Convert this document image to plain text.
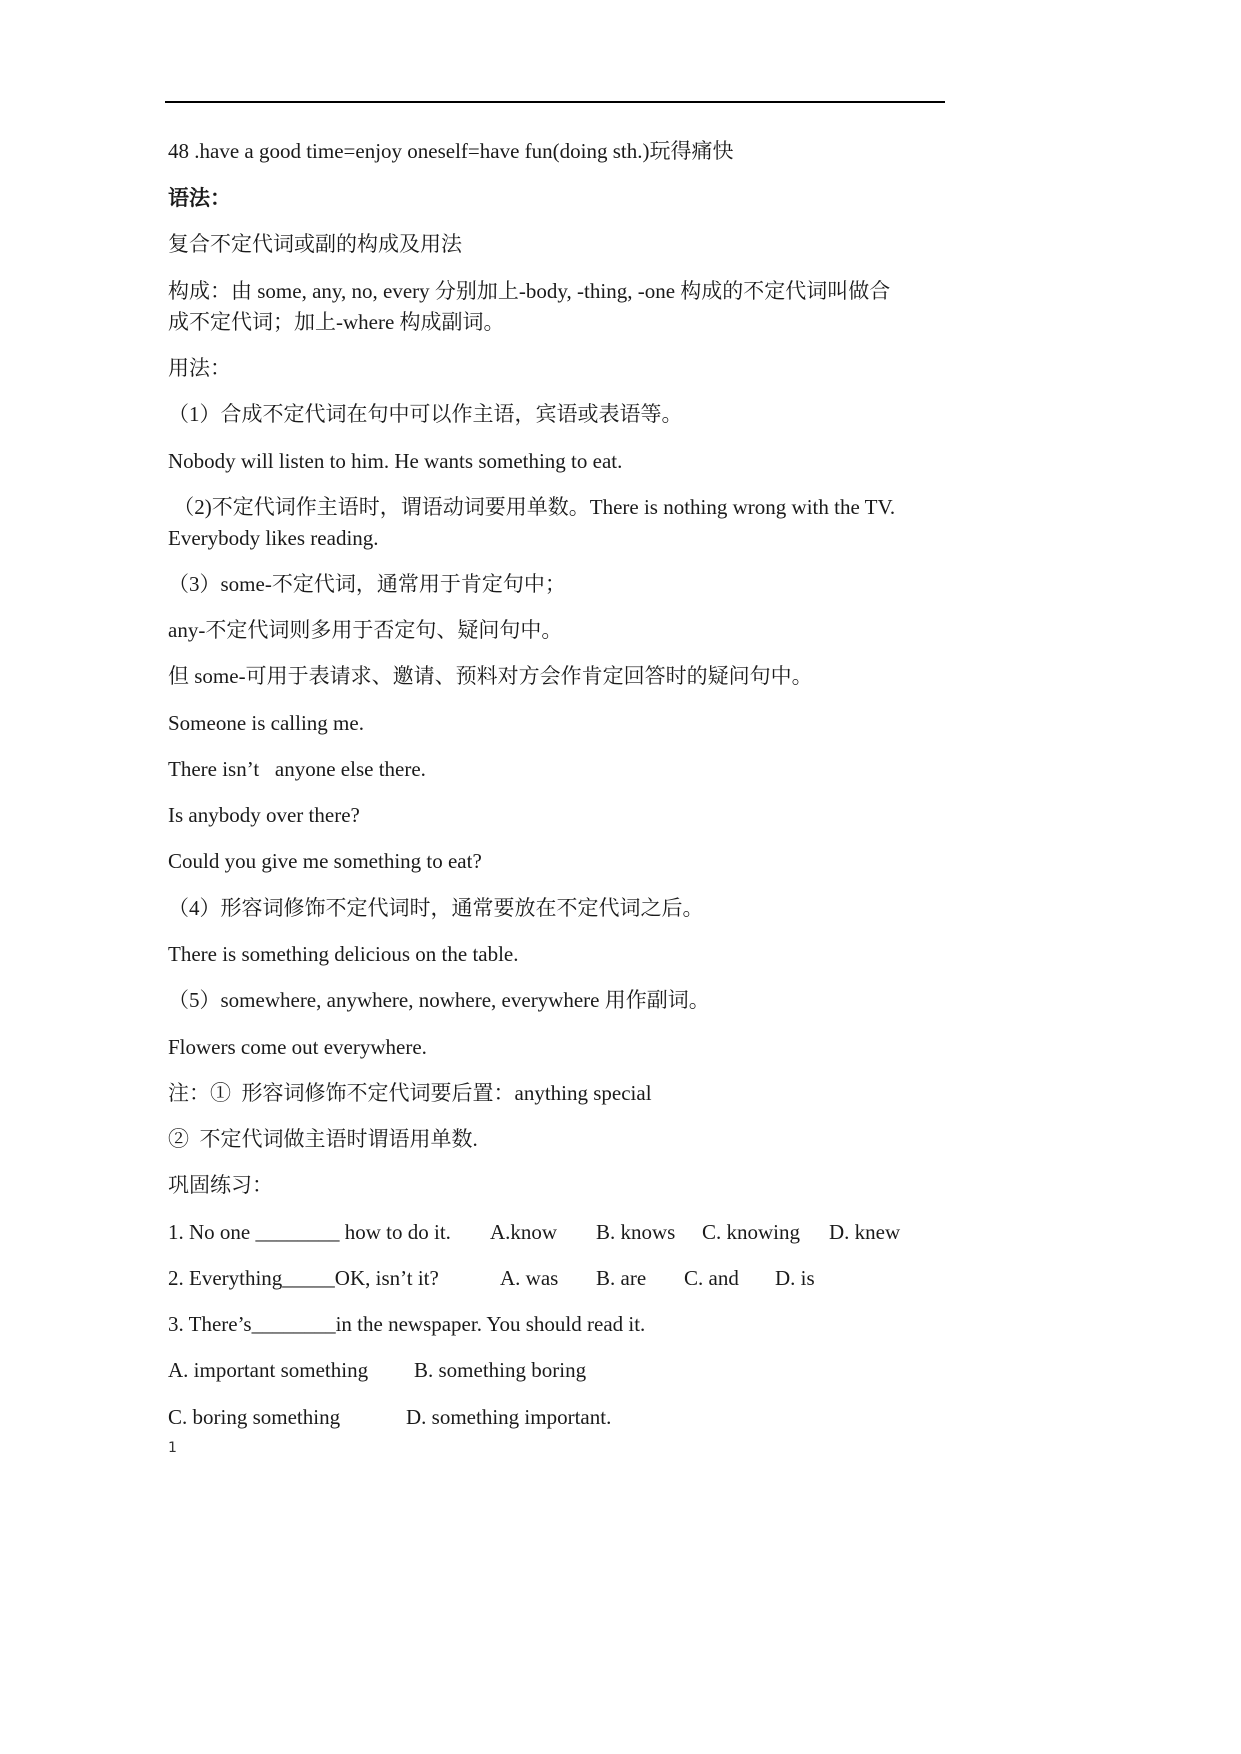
48 .have a good time=enjoy oneself=have fun(doing sth.)玩得痛快
语法：
复合不定代词或副的构成及用法
构成：由 some, any, no, every 分别加上-body, -thing, -one 构成的不定代词叫做合
成不定代词；加上-where 构成副词。
用法：
（1）合成不定代词在句中可以作主语，宾语或表语等。
Nobody will listen to him. He wants something to eat.
（2)不定代词作主语时，谓语动词要用单数。There is nothing wrong with the TV.
Everybody likes reading.
（3）some-不定代词，通常用于肯定句中；
any-不定代词则多用于否定句、疑问句中。
但 some-可用于表请求、邀请、预料对方会作肯定回答时的疑问句中。
Someone is calling me.
There isn’t   anyone else there.
Is anybody over there?
Could you give me something to eat?
（4）形容词修饰不定代词时，通常要放在不定代词之后。
There is something delicious on the table.
（5）somewhere, anywhere, nowhere, everywhere 用作副词。
Flowers come out everywhere.
注：①  形容词修饰不定代词要后置：anything special
②  不定代词做主语时谓语用单数.
巩固练习：
1. No one ________ how to do it. A.know B. knows C. knowing D. knew
2. Everything_____OK, isn’t it?	A. was B. are C. and D. is
3. There’s________in the newspaper. You should read it.
A. important something B. something boring
C. boring something	D. something important.
1
